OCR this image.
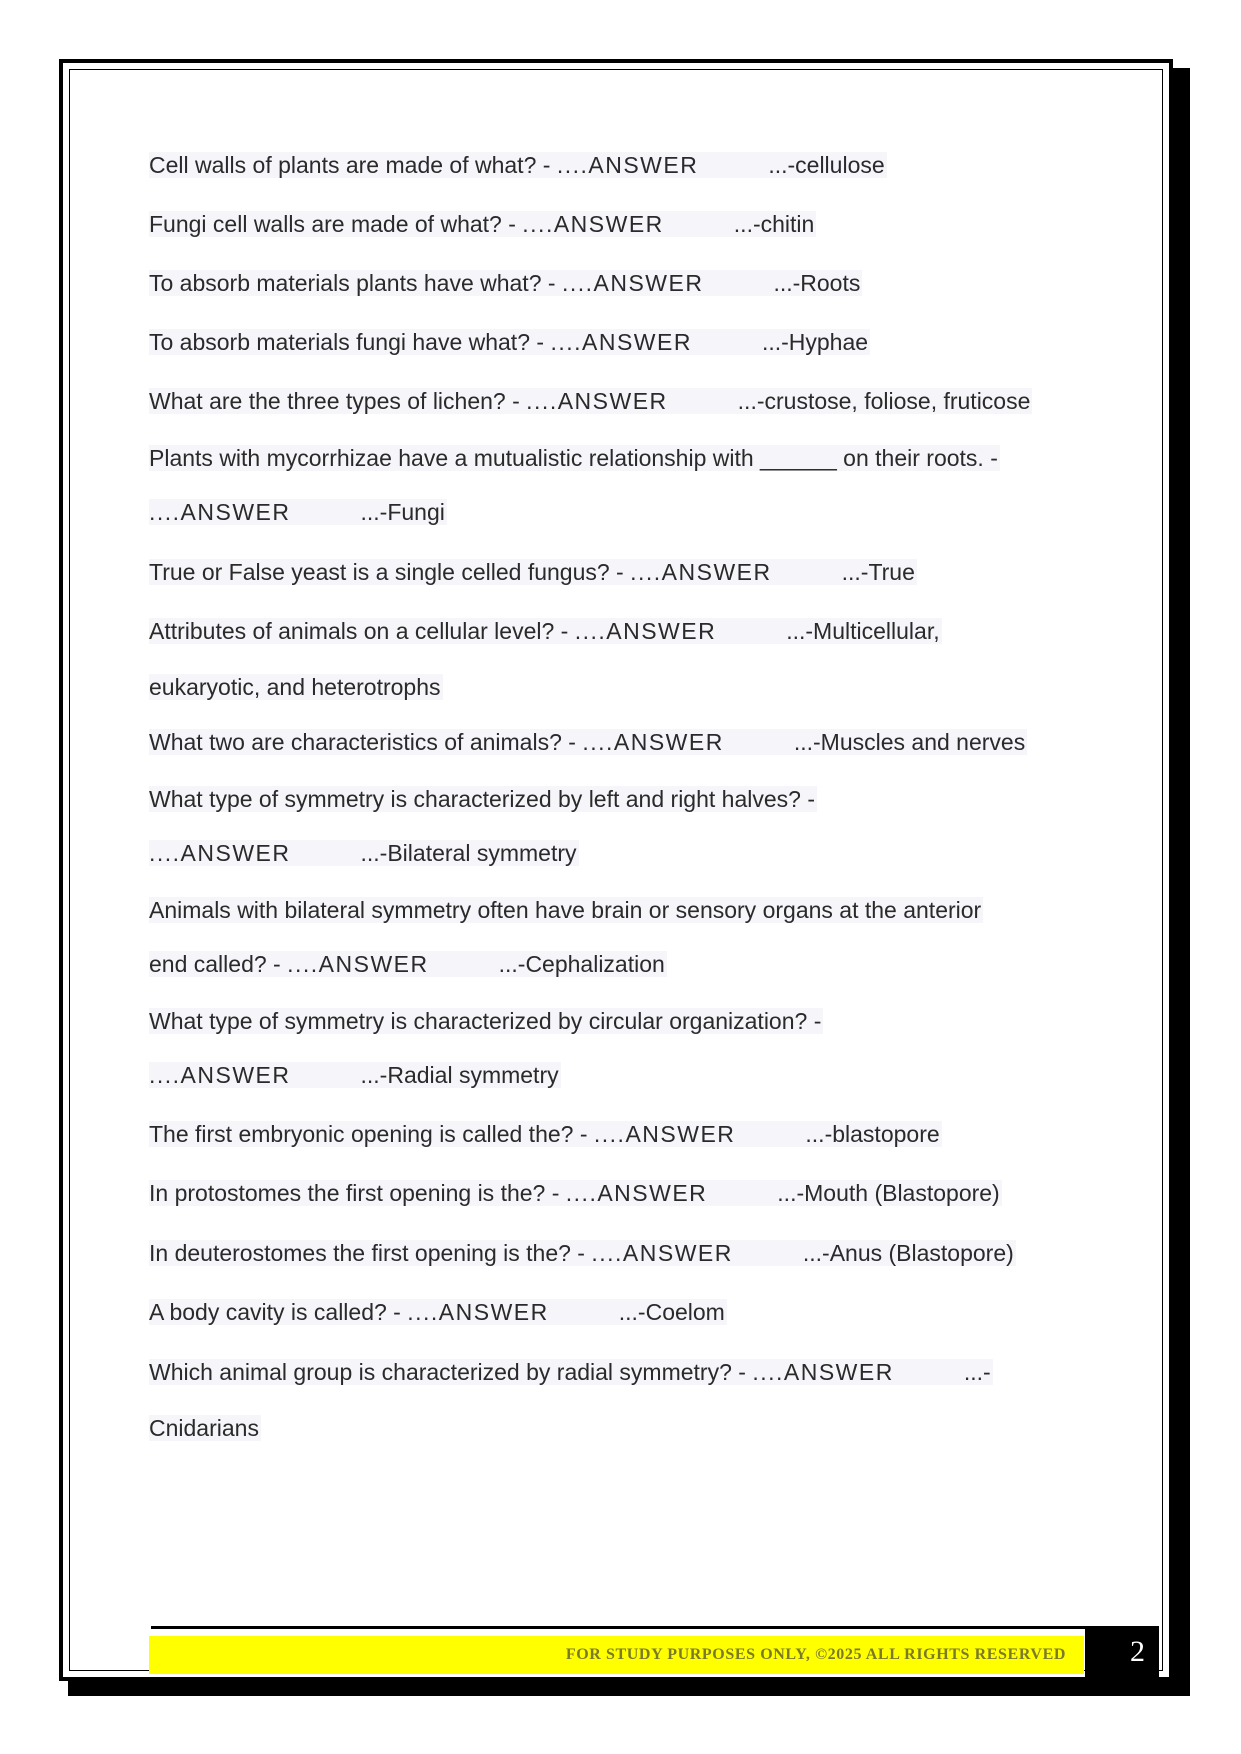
Cell walls of plants are made of what? - ....ANSWER	...-cellulose
Fungi cell walls are made of what? - ....ANSWER	...-chitin
To absorb materials plants have what? - ....ANSWER	...-Roots
To absorb materials fungi have what? - ....ANSWER	...-Hyphae
What are the three types of lichen? - ....ANSWER	...-crustose, foliose, fruticose
Plants with mycorrhizae have a mutualistic relationship with ______ on their roots. -
....ANSWER	...-Fungi
True or False yeast is a single celled fungus? - ....ANSWER	...-True
Attributes of animals on a cellular level? - ....ANSWER	...-Multicellular,
eukaryotic, and heterotrophs
What two are characteristics of animals? - ....ANSWER	...-Muscles and nerves
What type of symmetry is characterized by left and right halves? -
....ANSWER	...-Bilateral symmetry
Animals with bilateral symmetry often have brain or sensory organs at the anterior
end called? - ....ANSWER	...-Cephalization
What type of symmetry is characterized by circular organization? -
....ANSWER	...-Radial symmetry
The first embryonic opening is called the? - ....ANSWER	...-blastopore
In protostomes the first opening is the? - ....ANSWER	...-Mouth (Blastopore)
In deuterostomes the first opening is the? - ....ANSWER	...-Anus (Blastopore)
A body cavity is called? - ....ANSWER	...-Coelom
Which animal group is characterized by radial symmetry? - ....ANSWER	...-
Cnidarians
FOR STUDY PURPOSES ONLY, ©2025 ALL RIGHTS RESERVED	2
